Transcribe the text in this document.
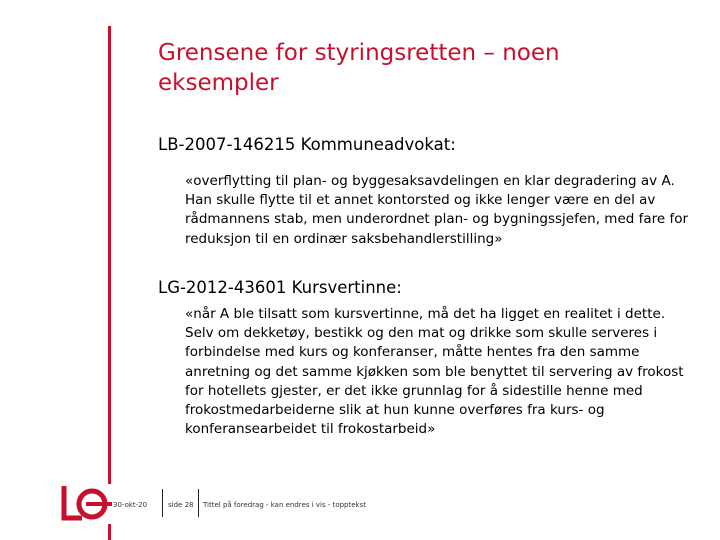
Grensene for styringsretten – noen eksempler
LB-2007-146215 Kommuneadvokat:

«overflytting til plan- og byggesaksavdelingen en klar degradering av A. Han skulle flytte til et annet kontorsted og ikke lenger være en del av rådmannens stab, men underordnet plan- og bygningssjefen, med fare for reduksjon til en ordinær saksbehandlerstilling»

LG-2012-43601 Kursvertinne:

«når A ble tilsatt som kursvertinne, må det ha ligget en realitet i dette. Selv om dekketøy, bestikk og den mat og drikke som skulle serveres i forbindelse med kurs og konferanser, måtte hentes fra den samme anretning og det samme kjøkken som ble benyttet til servering av frokost for hotellets gjester, er det ikke grunnlag for å sidestille henne med frokostmedarbeiderne slik at hun kunne overføres fra kurs- og konferansearbeidet til frokostarbeid»

30-okt-20	side 28 Tittel på foredrag - kan endres i vis - topptekst
